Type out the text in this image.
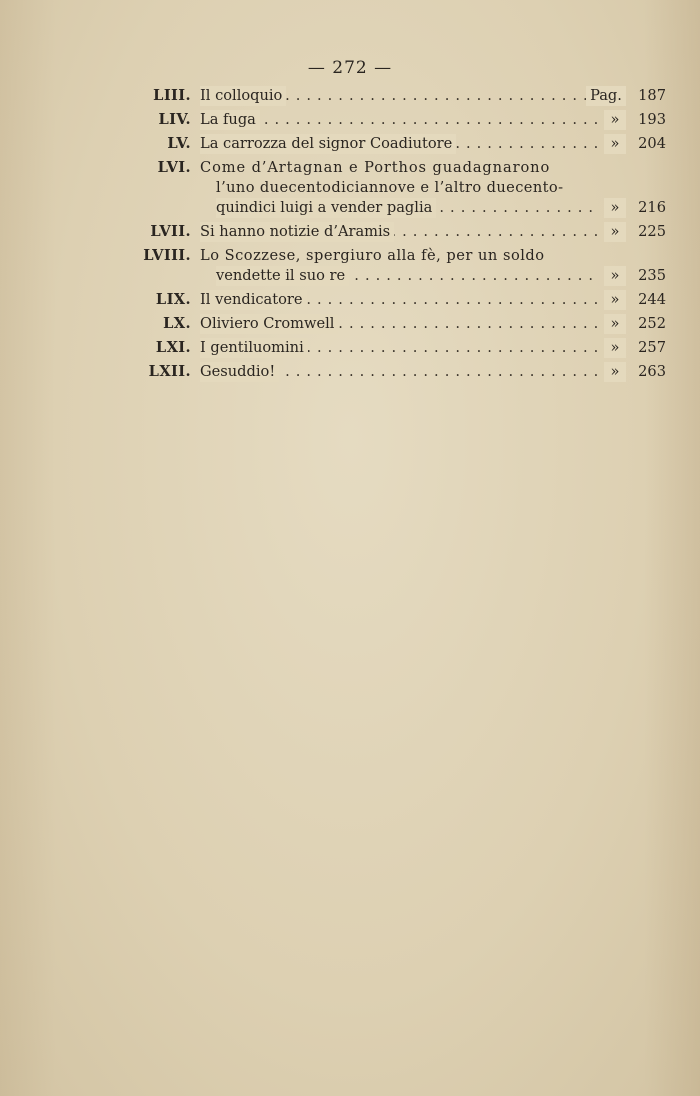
— 272 —
LIII. ..... Il colloquio	Pag.	187
LIV. ..... La fuga	»	193
LV. ..... La carrozza del signor Coadiutore	»	204
LVI. Come d’Artagnan e Porthos guadagnarono
l’uno duecentodiciannove e l’altro duecento-
.....
quindici luigi a vender paglia	»	216
LVII. ..... Si hanno notizie d’Aramis	»	225
LVIII. Lo Scozzese, spergiuro alla fè, per un soldo
.....
vendette il suo re	»	235
LIX. ..... Il vendicatore	»	244
LX. ..... Oliviero Cromwell	»	252
LXI. ..... I gentiluomini	»	257
LXII. ..... Gesuddio!	»	263
